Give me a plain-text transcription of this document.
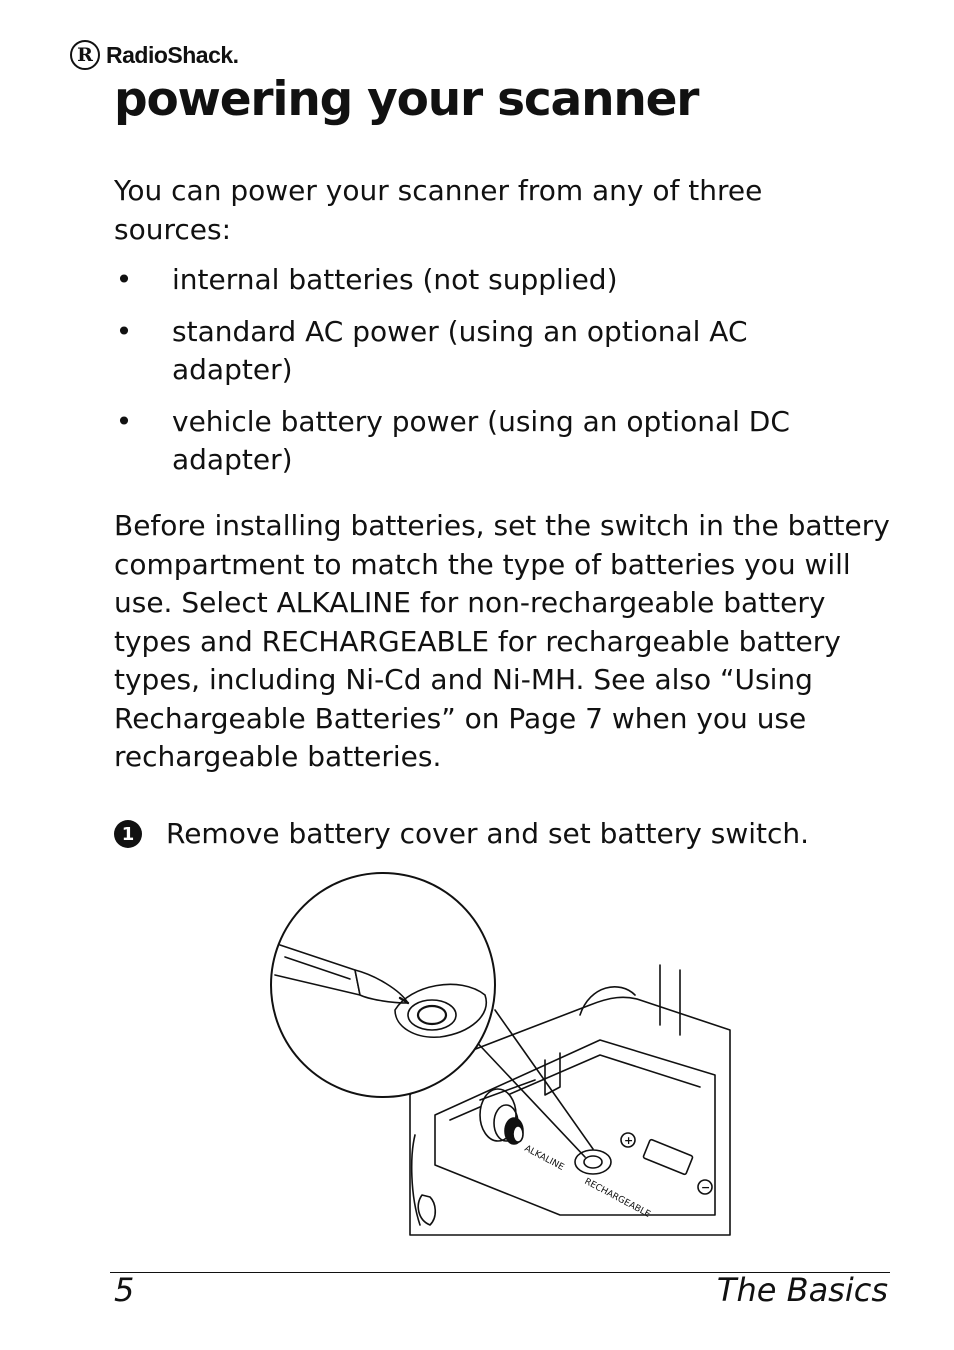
R RadioShack.
powering your scanner

You can power your scanner from any of three sources:

• internal batteries (not supplied)
• standard AC power (using an optional AC adapter)
• vehicle battery power (using an optional DC adapter)

Before installing batteries, set the switch in the battery compartment to match the type of batteries you will use. Select ALKALINE for non-rechargeable battery types and RECHARGEABLE for rechargeable battery types, including Ni-Cd and Ni-MH. See also “Using Rechargeable Batteries” on Page 7 when you use rechargeable batteries.

1 Remove battery cover and set battery switch.
ALKALINE
RECHARGEABLE
+
−
5	The Basics
